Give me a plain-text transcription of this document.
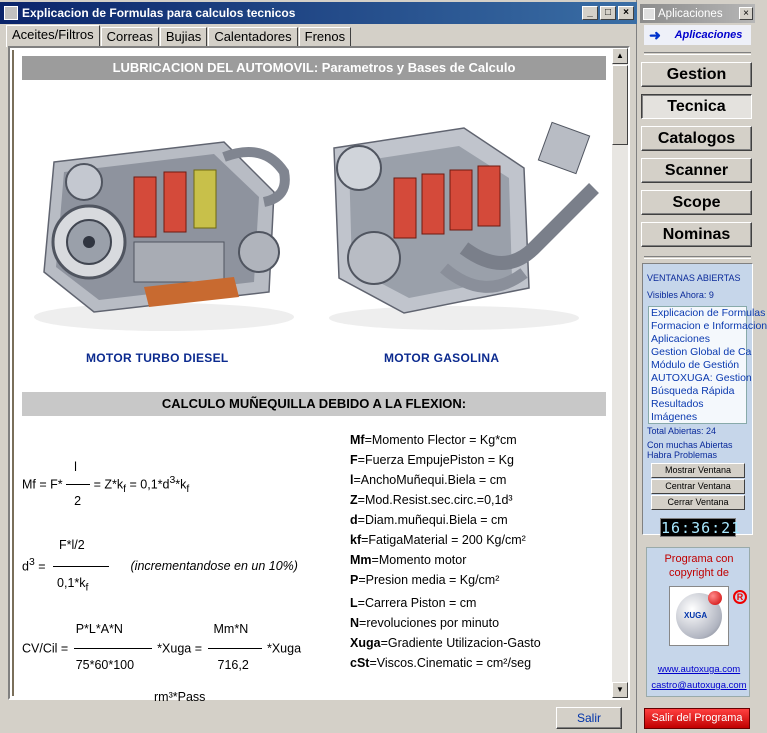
Explicacion de Formulas para calculos tecnicos	_	□	×
Aceites/Filtros	Correas	Bujias	Calentadores	Frenos
LUBRICACION DEL AUTOMOVIL: Parametros y Bases de Calculo
MOTOR TURBO DIESEL	MOTOR GASOLINA
CALCULO MUÑEQUILLA DEBIDO A LA FLEXION:
$Mf = F* \frac{l}{2} = Z*k_f = 0,1*d^3*k_f$
$d^3 = \frac{F*l/2}{0,1*k_f}$ (incrementandose en un 10%)
$CV/Cil = \frac{P*L*A*N}{75*60*100}$ *Xuga = $\frac{Mm*N}{716,2}$ *Xuga
rm³*Pass
Mf=Momento Flector = Kg*cm
F=Fuerza EmpujePiston = Kg
l=AnchoMuñequi.Biela = cm
Z=Mod.Resist.sec.circ.=0,1d³
d=Diam.muñequi.Biela = cm
kf=FatigaMaterial = 200 Kg/cm²
Mm=Momento motor
P=Presion media = Kg/cm²
L=Carrera Piston = cm
N=revoluciones por minuto
Xuga=Gradiente Utilizacion-Gasto
cSt=Viscos.Cinematic = cm²/seg
▲
▼
Salir
Aplicaciones	×
➜	Aplicaciones
Gestion
Tecnica
Catalogos
Scanner
Scope
Nominas
VENTANAS ABIERTAS
Visibles Ahora: 9
Explicacion de Formulas
Formacion e Informacion
Aplicaciones
Gestion Global de Ca
Módulo de Gestión
AUTOXUGA: Gestion
Búsqueda Rápida
Resultados
Imágenes
Total Abiertas: 24
Con muchas Abiertas
Habra Problemas
Mostrar Ventana
Centrar Ventana
Cerrar Ventana
16:36:21
Programa con
copyright de
XUGA
R
www.autoxuga.com
castro@autoxuga.com
Salir del Programa
